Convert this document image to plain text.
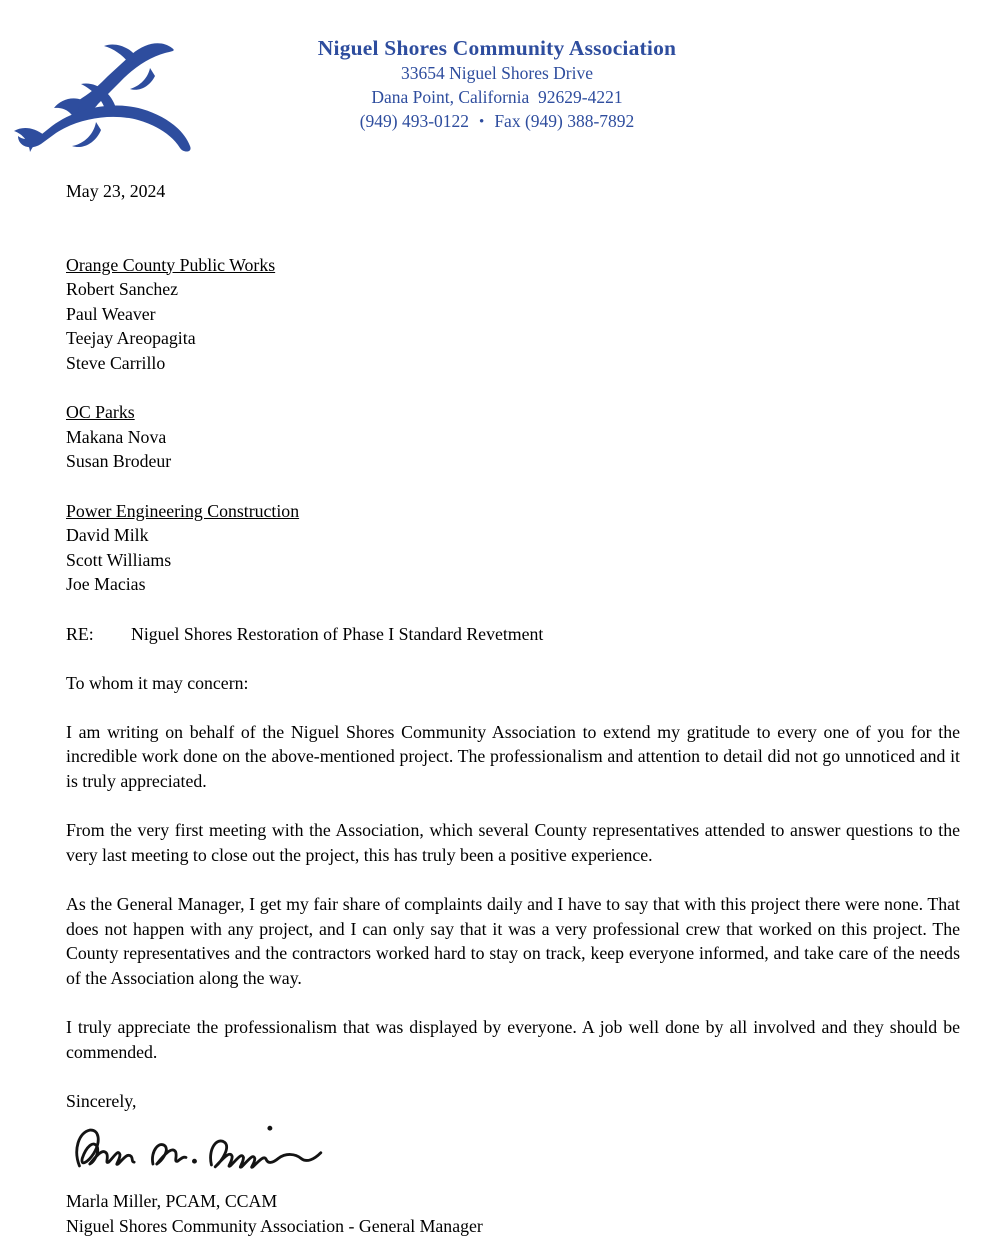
Niguel Shores Community Association
33654 Niguel Shores Drive
Dana Point, California  92629-4221
(949) 493-0122 • Fax (949) 388-7892
May 23, 2024
Orange County Public Works
Robert Sanchez
Paul Weaver
Teejay Areopagita
Steve Carrillo
OC Parks
Makana Nova
Susan Brodeur
Power Engineering Construction
David Milk
Scott Williams
Joe Macias
RE:	Niguel Shores Restoration of Phase I Standard Revetment
To whom it may concern:

I am writing on behalf of the Niguel Shores Community Association to extend my gratitude to every one of you for the incredible work done on the above-mentioned project. The professionalism and attention to detail did not go unnoticed and it is truly appreciated.

From the very first meeting with the Association, which several County representatives attended to answer questions to the very last meeting to close out the project, this has truly been a positive experience.

As the General Manager, I get my fair share of complaints daily and I have to say that with this project there were none. That does not happen with any project, and I can only say that it was a very professional crew that worked on this project. The County representatives and the contractors worked hard to stay on track, keep everyone informed, and take care of the needs of the Association along the way.

I truly appreciate the professionalism that was displayed by everyone. A job well done by all involved and they should be commended.

Sincerely,
Marla Miller, PCAM, CCAM
Niguel Shores Community Association - General Manager
